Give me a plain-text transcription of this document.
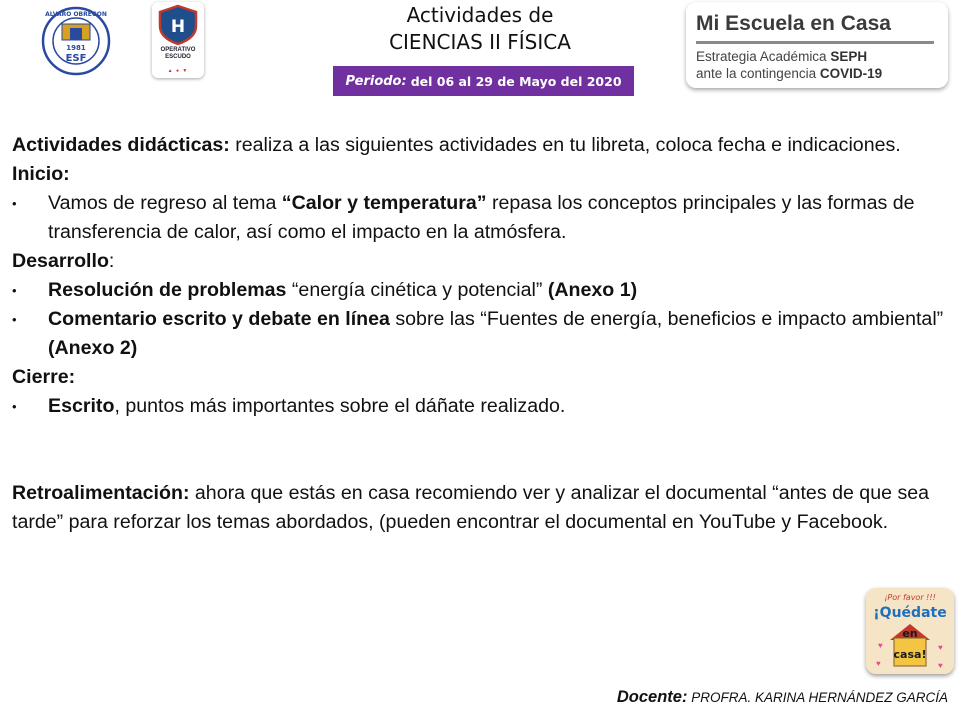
ALVARO OBREGON
1981
ESF
H
OPERATIVO
ESCUDO
▲ ● ▼
Actividades de
CIENCIAS II FÍSICA
Periodo: del 06 al 29 de Mayo del 2020
Mi Escuela en Casa
Estrategia Académica SEPH
ante la contingencia COVID-19

Actividades didácticas: realiza a las siguientes actividades en tu libreta, coloca fecha e indicaciones.

Inicio:

• Vamos de regreso al tema “Calor y temperatura” repasa los conceptos principales y las formas de transferencia de calor, así como el impacto en la atmósfera.

Desarrollo:

• Resolución de problemas “energía cinética y potencial” (Anexo 1)

• Comentario escrito y debate en línea sobre las “Fuentes de energía, beneficios e impacto ambiental” (Anexo 2)

Cierre:

• Escrito, puntos más importantes sobre el dáñate realizado.

Retroalimentación: ahora que estás en casa recomiendo ver y analizar el documental “antes de que sea tarde” para reforzar los temas abordados, (pueden encontrar el documental en YouTube y Facebook.

¡Por favor !!!
¡Quédate
en
casa!
♥	♥
♥	♥
Docente: PROFRA. KARINA HERNÁNDEZ GARCÍA
